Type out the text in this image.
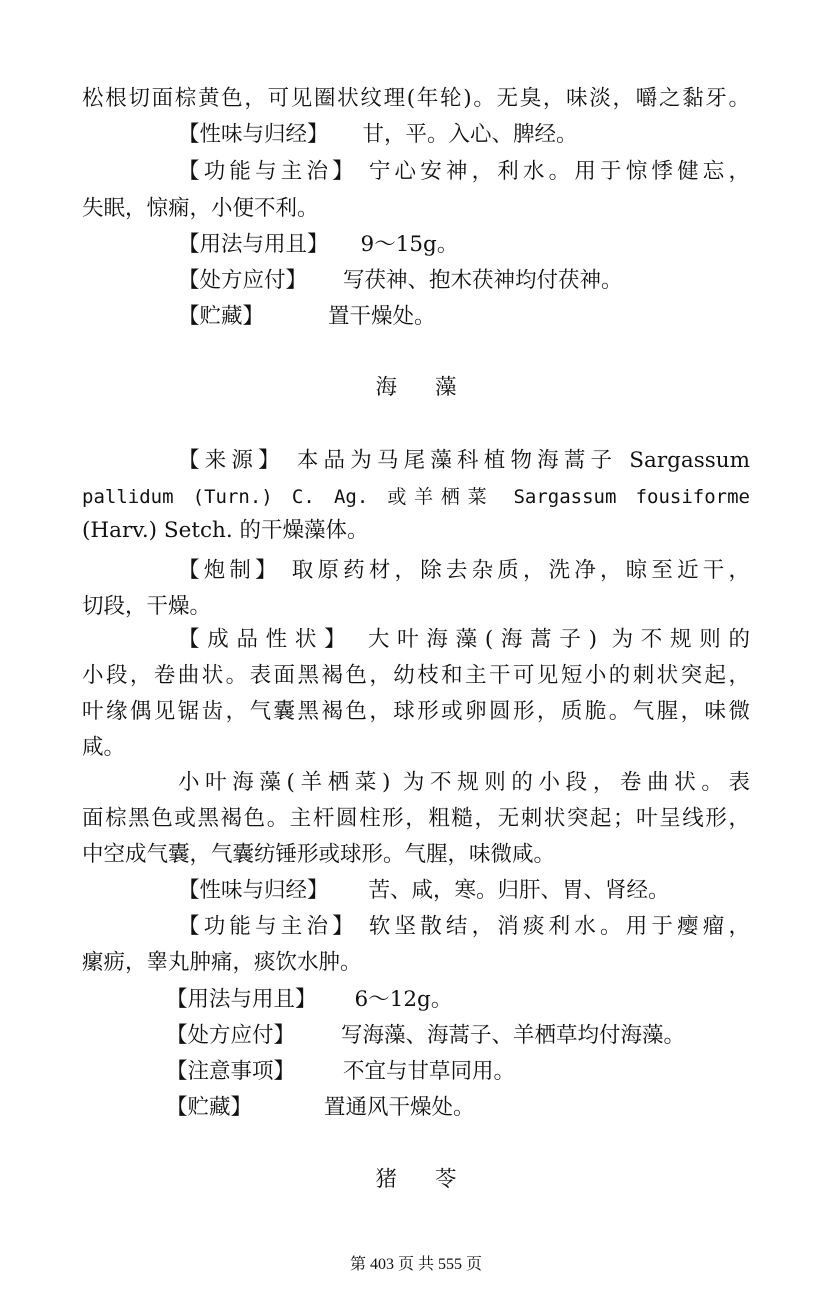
松根切面棕黄色，可见圈状纹理(年轮)。无臭，味淡，嚼之黏牙。
【性味与归经】 甘，平。入心、脾经。
【功能与主治】 宁心安神，利水。用于惊悸健忘，
失眠，惊痫，小便不利。
【用法与用且】 9～15g。
【处方应付】 写茯神、抱木茯神均付茯神。
【贮藏】	置干燥处。
海 藻
【来源】 本品为马尾藻科植物海蒿子 Sargassum
pallidum (Turn.) C. Ag. 或羊栖菜 Sargassum fousiforme
(Harv.) Setch. 的干燥藻体。
【炮制】 取原药材，除去杂质，洗净，晾至近干，
切段，干燥。
【成品性状】 大叶海藻(海蒿子) 为不规则的
小段，卷曲状。表面黑褐色，幼枝和主干可见短小的刺状突起，
叶缘偶见锯齿，气囊黑褐色，球形或卵圆形，质脆。气腥，味微
咸。
小叶海藻(羊栖菜) 为不规则的小段，卷曲状。表
面棕黑色或黑褐色。主杆圆柱形，粗糙，无刺状突起；叶呈线形，
中空成气囊，气囊纺锤形或球形。气腥，味微咸。
【性味与归经】 苦、咸，寒。归肝、胃、肾经。
【功能与主治】 软坚散结，消痰利水。用于瘿瘤，
瘰疬，睾丸肿痛，痰饮水肿。
【用法与用且】 6～12g。
【处方应付】 写海藻、海蒿子、羊栖草均付海藻。
【注意事项】 不宜与甘草同用。
【贮藏】	置通风干燥处。
猪 苓
第 403 页 共 555 页
